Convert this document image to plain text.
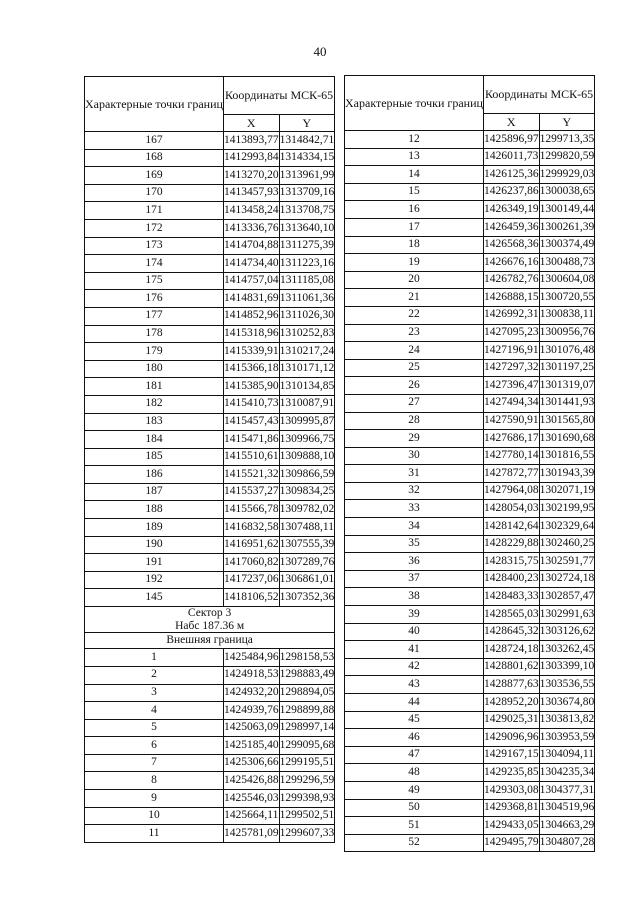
40
Характерные точки границ	Координаты МСК-65	
	X	Y
167	1413893,77	1314842,71
168	1412993,84	1314334,15
169	1413270,20	1313961,99
170	1413457,93	1313709,16
171	1413458,24	1313708,75
172	1413336,76	1313640,10
173	1414704,88	1311275,39
174	1414734,40	1311223,16
175	1414757,04	1311185,08
176	1414831,69	1311061,36
177	1414852,96	1311026,30
178	1415318,96	1310252,83
179	1415339,91	1310217,24
180	1415366,18	1310171,12
181	1415385,90	1310134,85
182	1415410,73	1310087,91
183	1415457,43	1309995,87
184	1415471,86	1309966,75
185	1415510,61	1309888,10
186	1415521,32	1309866,59
187	1415537,27	1309834,25
188	1415566,78	1309782,02
189	1416832,58	1307488,11
190	1416951,62	1307555,39
191	1417060,82	1307289,76
192	1417237,06	1306861,01
145	1418106,52	1307352,36

Сектор 3
Набс 187.36 м		

Внешняя граница		
1	1425484,96	1298158,53
2	1424918,53	1298883,49
3	1424932,20	1298894,05
4	1424939,76	1298899,88
5	1425063,09	1298997,14
6	1425185,40	1299095,68
7	1425306,66	1299195,51
8	1425426,88	1299296,59
9	1425546,03	1299398,93
10	1425664,11	1299502,51
11	1425781,09	1299607,33
Характерные точки границ	Координаты МСК-65	
	X	Y
12	1425896,97	1299713,35
13	1426011,73	1299820,59
14	1426125,36	1299929,03
15	1426237,86	1300038,65
16	1426349,19	1300149,44
17	1426459,36	1300261,39
18	1426568,36	1300374,49
19	1426676,16	1300488,73
20	1426782,76	1300604,08
21	1426888,15	1300720,55
22	1426992,31	1300838,11
23	1427095,23	1300956,76
24	1427196,91	1301076,48
25	1427297,32	1301197,25
26	1427396,47	1301319,07
27	1427494,34	1301441,93
28	1427590,91	1301565,80
29	1427686,17	1301690,68
30	1427780,14	1301816,55
31	1427872,77	1301943,39
32	1427964,08	1302071,19
33	1428054,03	1302199,95
34	1428142,64	1302329,64
35	1428229,88	1302460,25
36	1428315,75	1302591,77
37	1428400,23	1302724,18
38	1428483,33	1302857,47
39	1428565,03	1302991,63
40	1428645,32	1303126,62
41	1428724,18	1303262,45
42	1428801,62	1303399,10
43	1428877,63	1303536,55
44	1428952,20	1303674,80
45	1429025,31	1303813,82
46	1429096,96	1303953,59
47	1429167,15	1304094,11
48	1429235,85	1304235,34
49	1429303,08	1304377,31
50	1429368,81	1304519,96
51	1429433,05	1304663,29
52	1429495,79	1304807,28
